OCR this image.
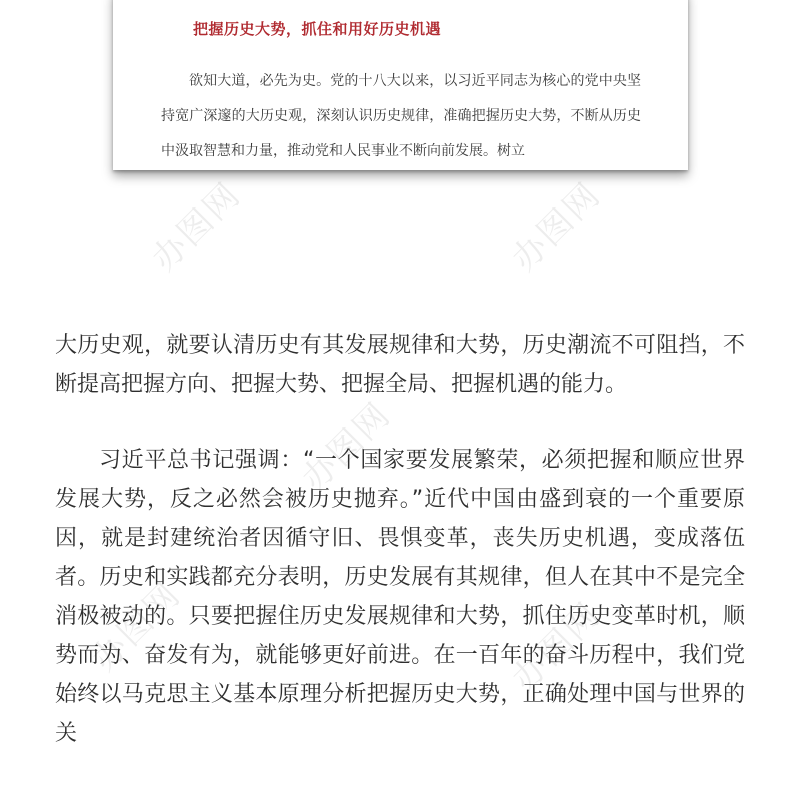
把握历史大势，抓住和用好历史机遇

欲知大道，必先为史。党的十八大以来，以习近平同志为核心的党中央坚持宽广深邃的大历史观，深刻认识历史规律，准确把握历史大势，不断从历史中汲取智慧和力量，推动党和人民事业不断向前发展。树立

大历史观，就要认清历史有其发展规律和大势，历史潮流不可阻挡，不断提高把握方向、把握大势、把握全局、把握机遇的能力。

习近平总书记强调：“一个国家要发展繁荣，必须把握和顺应世界发展大势，反之必然会被历史抛弃。”近代中国由盛到衰的一个重要原因，就是封建统治者因循守旧、畏惧变革，丧失历史机遇，变成落伍者。历史和实践都充分表明，历史发展有其规律，但人在其中不是完全消极被动的。只要把握住历史发展规律和大势，抓住历史变革时机，顺势而为、奋发有为，就能够更好前进。在一百年的奋斗历程中，我们党始终以马克思主义基本原理分析把握历史大势，正确处理中国与世界的关

办图网	办图网
办图网
办图网	办图网
